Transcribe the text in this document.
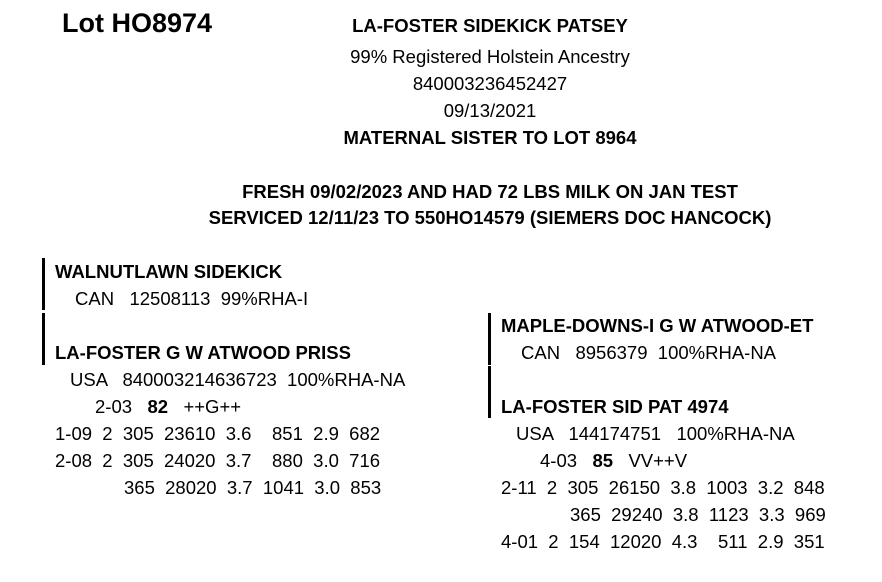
Lot HO8974	LA-FOSTER SIDEKICK PATSEY
99% Registered Holstein Ancestry
840003236452427
09/13/2021
MATERNAL SISTER TO LOT 8964
FRESH 09/02/2023 AND HAD 72 LBS MILK ON JAN TEST
SERVICED 12/11/23 TO 550HO14579 (SIEMERS DOC HANCOCK)
WALNUTLAWN SIDEKICK
CAN   12508113  99%RHA-I
LA-FOSTER G W ATWOOD PRISS
USA   840003214636723  100%RHA-NA
2-03 82 ++G++
1-09  2  305  23610  3.6    851  2.9  682
2-08  2  305  24020  3.7    880  3.0  716
365  28020  3.7  1041  3.0  853
MAPLE-DOWNS-I G W ATWOOD-ET
CAN   8956379  100%RHA-NA
LA-FOSTER SID PAT 4974
USA   144174751   100%RHA-NA
4-03 85 VV++V
2-11  2  305  26150  3.8  1003  3.2  848
365  29240  3.8  1123  3.3  969
4-01  2  154  12020  4.3    511  2.9  351
